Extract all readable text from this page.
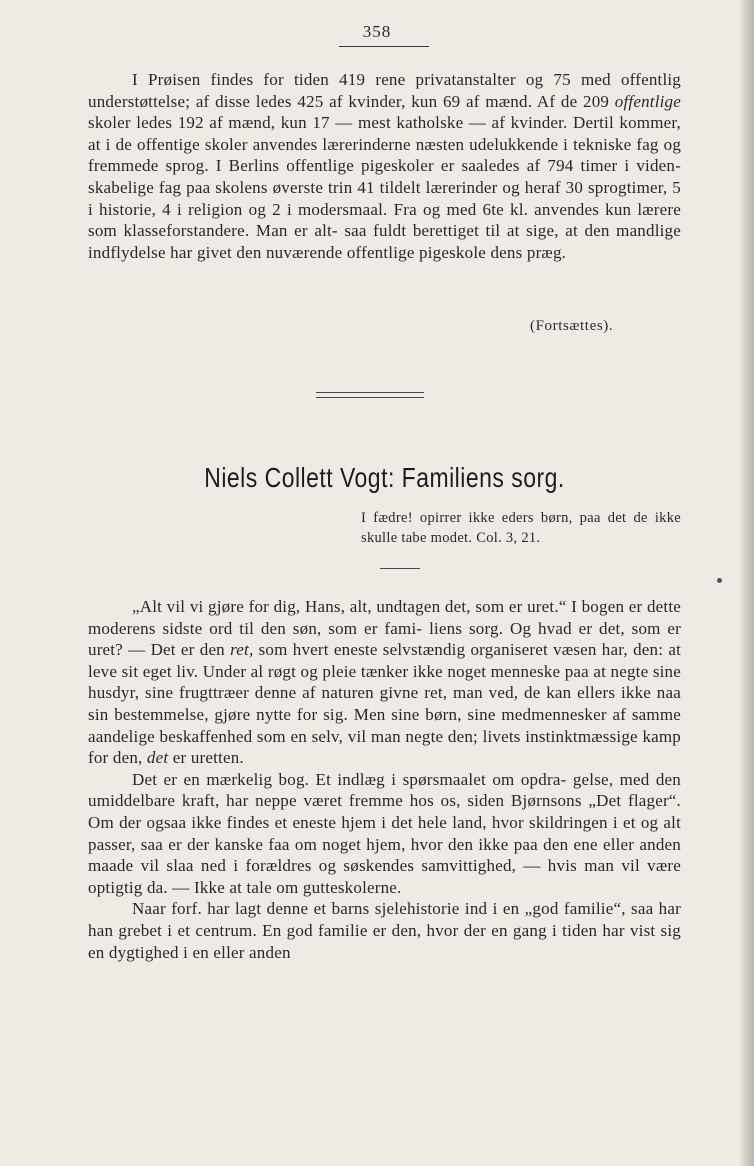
358

I Prøisen findes for tiden 419 rene privatanstalter og 75 med offentlig understøttelse; af disse ledes 425 af kvinder, kun 69 af mænd. Af de 209 offentlige skoler ledes 192 af mænd, kun 17 — mest katholske — af kvinder. Dertil kommer, at i de offentige skoler anvendes lærerinderne næsten udelukkende i tekniske fag og fremmede sprog. I Berlins offentlige pigeskoler er saaledes af 794 timer i viden- skabelige fag paa skolens øverste trin 41 tildelt lærerinder og heraf 30 sprogtimer, 5 i historie, 4 i religion og 2 i modersmaal. Fra og med 6te kl. anvendes kun lærere som klasseforstandere. Man er alt- saa fuldt berettiget til at sige, at den mandlige indflydelse har givet den nuværende offentlige pigeskole dens præg.

(Fortsættes).
Niels Collett Vogt: Familiens sorg.

I fædre! opirrer ikke eders børn, paa det de ikke skulle tabe modet. Col. 3, 21.

„Alt vil vi gjøre for dig, Hans, alt, undtagen det, som er uret.“ I bogen er dette moderens sidste ord til den søn, som er fami- liens sorg. Og hvad er det, som er uret? — Det er den ret, som hvert eneste selvstændig organiseret væsen har, den: at leve sit eget liv. Under al røgt og pleie tænker ikke noget menneske paa at negte sine husdyr, sine frugttræer denne af naturen givne ret, man ved, de kan ellers ikke naa sin bestemmelse, gjøre nytte for sig. Men sine børn, sine medmennesker af samme aandelige beskaffenhed som en selv, vil man negte den; livets instinktmæssige kamp for den, det er uretten.

Det er en mærkelig bog. Et indlæg i spørsmaalet om opdra- gelse, med den umiddelbare kraft, har neppe været fremme hos os, siden Bjørnsons „Det flager“. Om der ogsaa ikke findes et eneste hjem i det hele land, hvor skildringen i et og alt passer, saa er der kanske faa om noget hjem, hvor den ikke paa den ene eller anden maade vil slaa ned i forældres og søskendes samvittighed, — hvis man vil være optigtig da. — Ikke at tale om gutteskolerne.

Naar forf. har lagt denne et barns sjelehistorie ind i en „god familie“, saa har han grebet i et centrum. En god familie er den, hvor der en gang i tiden har vist sig en dygtighed i en eller anden
